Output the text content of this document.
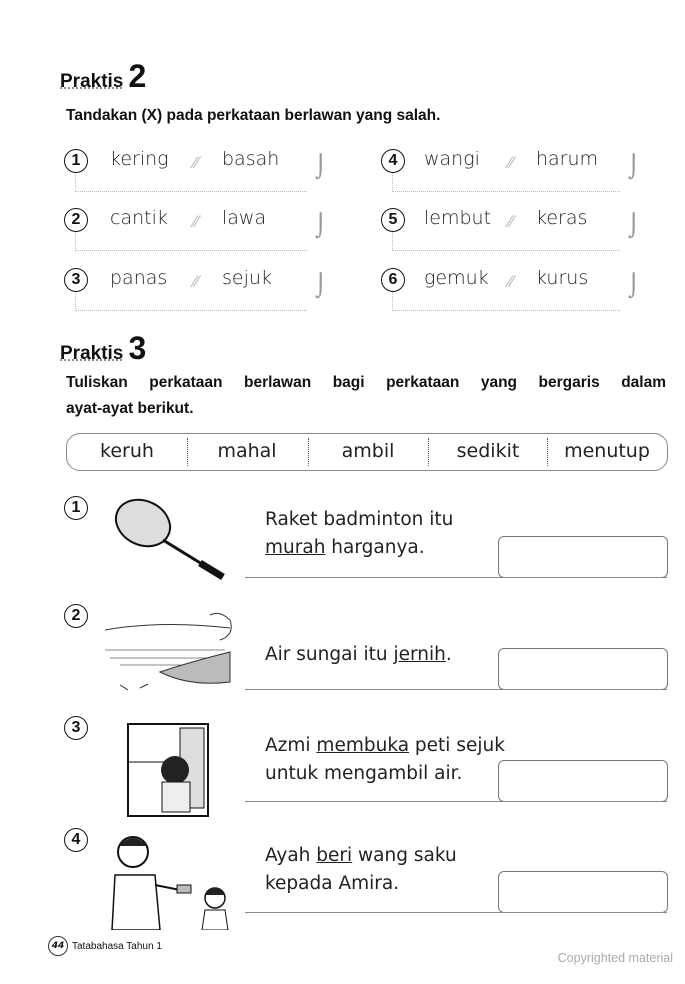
Praktis 2
Tandakan (X) pada perkataan berlawan yang salah.
1	kering ⁄⁄ basah ⌡
2	cantik ⁄⁄ lawa ⌡
3	panas ⁄⁄ sejuk ⌡
4	wangi ⁄⁄ harum ⌡
5	lembut ⁄⁄ keras ⌡
6	gemuk ⁄⁄ kurus ⌡
Praktis 3
Tuliskan perkataan berlawan bagi perkataan yang bergaris dalam
ayat-ayat berikut.
keruh	mahal	ambil	sedikit	menutup
1
Raket badminton itu
murah harganya.
2
Air sungai itu jernih.
3
Azmi membuka peti sejuk
untuk mengambil air.
4
Ayah beri wang saku
kepada Amira.
44 Tatabahasa Tahun 1
Copyrighted material
